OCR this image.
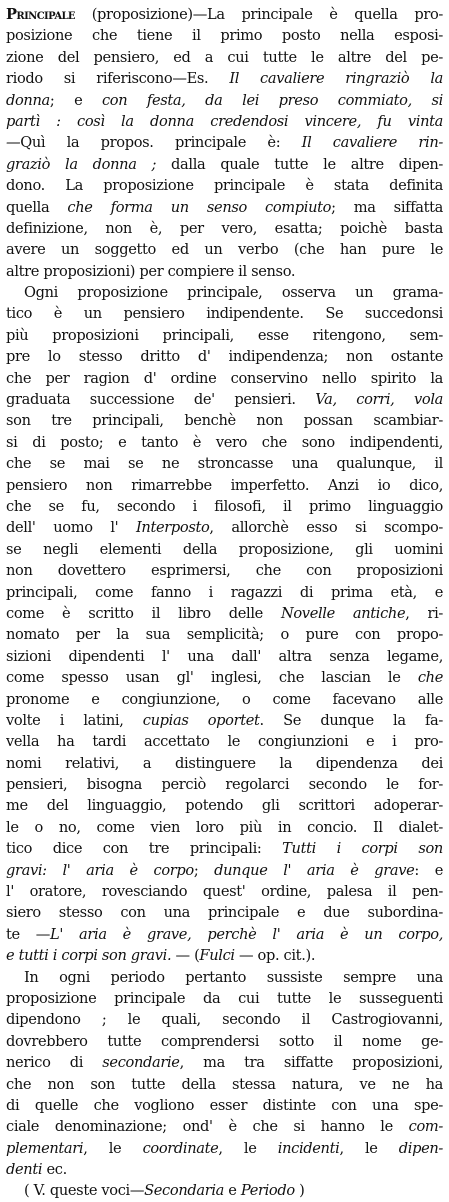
Principale (proposizione)—La principale è quella pro-
posizione che tiene il primo posto nella esposi-
zione del pensiero, ed a cui tutte le altre del pe-
riodo si riferiscono—Es. Il cavaliere ringraziò la
donna; e con festa, da lei preso commiato, si
partì : così la donna credendosi vincere, fu vinta
—Quì la propos. principale è: Il cavaliere rin-
graziò la donna ; dalla quale tutte le altre dipen-
dono. La proposizione principale è stata definita
quella che forma un senso compiuto; ma siffatta
definizione, non è, per vero, esatta; poichè basta
avere un soggetto ed un verbo (che han pure le
altre proposizioni) per compiere il senso.
Ogni proposizione principale, osserva un grama-
tico è un pensiero indipendente. Se succedonsi
più proposizioni principali, esse ritengono, sem-
pre lo stesso dritto d' indipendenza; non ostante
che per ragion d' ordine conservino nello spirito la
graduata successione de' pensieri. Va, corri, vola
son tre principali, benchè non possan scambiar-
si di posto; e tanto è vero che sono indipendenti,
che se mai se ne stroncasse una qualunque, il
pensiero non rimarrebbe imperfetto. Anzi io dico,
che se fu, secondo i filosofi, il primo linguaggio
dell' uomo l' Interposto, allorchè esso si scompo-
se negli elementi della proposizione, gli uomini
non dovettero esprimersi, che con proposizioni
principali, come fanno i ragazzi di prima età, e
come è scritto il libro delle Novelle antiche, ri-
nomato per la sua semplicità; o pure con propo-
sizioni dipendenti l' una dall' altra senza legame,
come spesso usan gl' inglesi, che lascian le che
pronome e congiunzione, o come facevano alle
volte i latini, cupias oportet. Se dunque la fa-
vella ha tardi accettato le congiunzioni e i pro-
nomi relativi, a distinguere la dipendenza dei
pensieri, bisogna perciò regolarci secondo le for-
me del linguaggio, potendo gli scrittori adoperar-
le o no, come vien loro più in concio. Il dialet-
tico dice con tre principali: Tutti i corpi son
gravi: l' aria è corpo; dunque l' aria è grave: e
l' oratore, rovesciando quest' ordine, palesa il pen-
siero stesso con una principale e due subordina-
te —L' aria è grave, perchè l' aria è un corpo,
e tutti i corpi son gravi. — (Fulci — op. cit.).
In ogni periodo pertanto sussiste sempre una
proposizione principale da cui tutte le susseguenti
dipendono ; le quali, secondo il Castrogiovanni,
dovrebbero tutte comprendersi sotto il nome ge-
nerico di secondarie, ma tra siffatte proposizioni,
che non son tutte della stessa natura, ve ne ha
di quelle che vogliono esser distinte con una spe-
ciale denominazione; ond' è che si hanno le com-
plementari, le coordinate, le incidenti, le dipen-
denti ec.
( V. queste voci—Secondaria e Periodo )
